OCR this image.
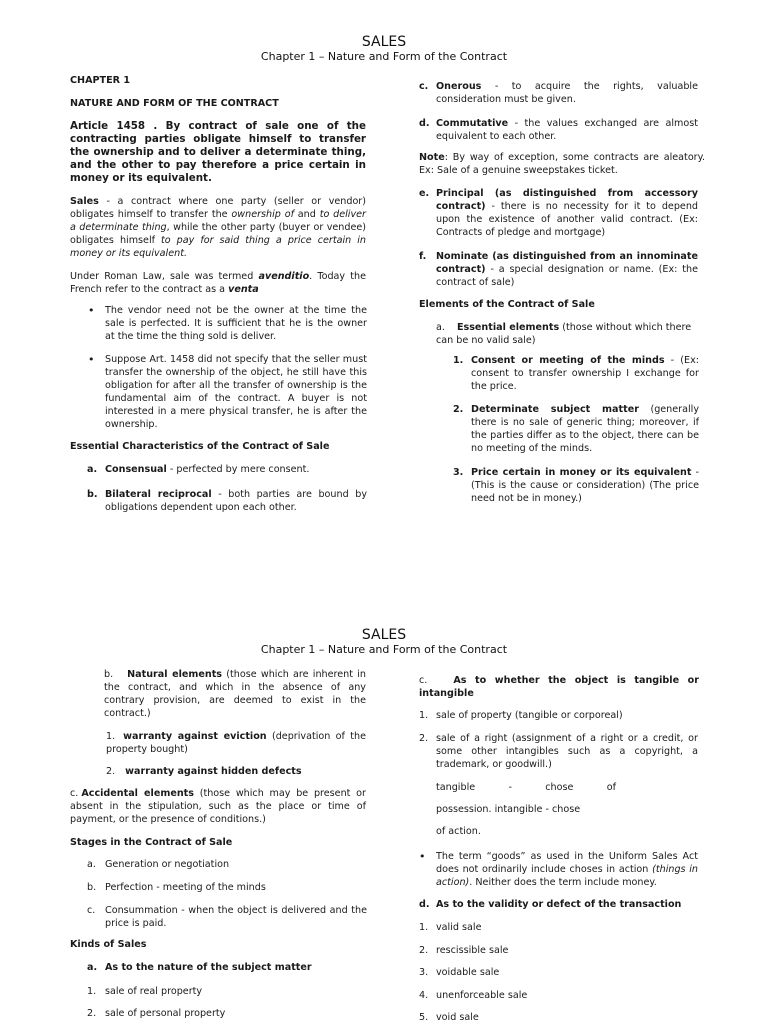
SALES
Chapter 1 – Nature and Form of the Contract
CHAPTER 1
NATURE AND FORM OF THE CONTRACT
Article 1458 . By contract of sale one of the contracting parties obligate himself to transfer the ownership and to deliver a determinate thing, and the other to pay therefore a price certain in money or its equivalent.
Sales - a contract where one party (seller or vendor) obligates himself to transfer the ownership of and to deliver a determinate thing, while the other party (buyer or vendee) obligates himself to pay for said thing a price certain in money or its equivalent.
Under Roman Law, sale was termed avenditio. Today the French refer to the contract as a venta
• The vendor need not be the owner at the time the sale is perfected. It is sufficient that he is the owner at the time the thing sold is deliver.
• Suppose Art. 1458 did not specify that the seller must transfer the ownership of the object, he still have this obligation for after all the transfer of ownership is the fundamental aim of the contract. A buyer is not interested in a mere physical transfer, he is after the ownership.
Essential Characteristics of the Contract of Sale
a. Consensual - perfected by mere consent.
b. Bilateral reciprocal - both parties are bound by obligations dependent upon each other.
c. Onerous - to acquire the rights, valuable consideration must be given.
d. Commutative - the values exchanged are almost equivalent to each other.
Note: By way of exception, some contracts are aleatory. Ex: Sale of a genuine sweepstakes ticket.
e. Principal (as distinguished from accessory contract) - there is no necessity for it to depend upon the existence of another valid contract. (Ex: Contracts of pledge and mortgage)
f. Nominate (as distinguished from an innominate contract) - a special designation or name. (Ex: the contract of sale)
Elements of the Contract of Sale
a. Essential elements (those without which there can be no valid sale)
1. Consent or meeting of the minds - (Ex: consent to transfer ownership I exchange for the price.
2. Determinate subject matter (generally there is no sale of generic thing; moreover, if the parties differ as to the object, there can be no meeting of the minds.
3. Price certain in money or its equivalent - (This is the cause or consideration) (The price need not be in money.)
SALES
Chapter 1 – Nature and Form of the Contract
b. Natural elements (those which are inherent in the contract, and which in the absence of any contrary provision, are deemed to exist in the contract.)
1. warranty against eviction (deprivation of the property bought)
2. warranty against hidden defects
c. Accidental elements (those which may be present or absent in the stipulation, such as the place or time of payment, or the presence of conditions.)
Stages in the Contract of Sale
a. Generation or negotiation
b. Perfection - meeting of the minds
c. Consummation - when the object is delivered and the price is paid.
Kinds of Sales
a. As to the nature of the subject matter
1. sale of real property
2. sale of personal property
c.	As to whether the object is tangible or intangible
1. sale of property (tangible or corporeal)
2. sale of a right (assignment of a right or a credit, or some other intangibles such as a copyright, a trademark, or goodwill.)
tangible - chose of
possession. intangible - chose
of action.
• The term “goods” as used in the Uniform Sales Act does not ordinarily include choses in action (things in action). Neither does the term include money.
d. As to the validity or defect of the transaction
1. valid sale
2. rescissible sale
3. voidable sale
4. unenforceable sale
5. void sale
